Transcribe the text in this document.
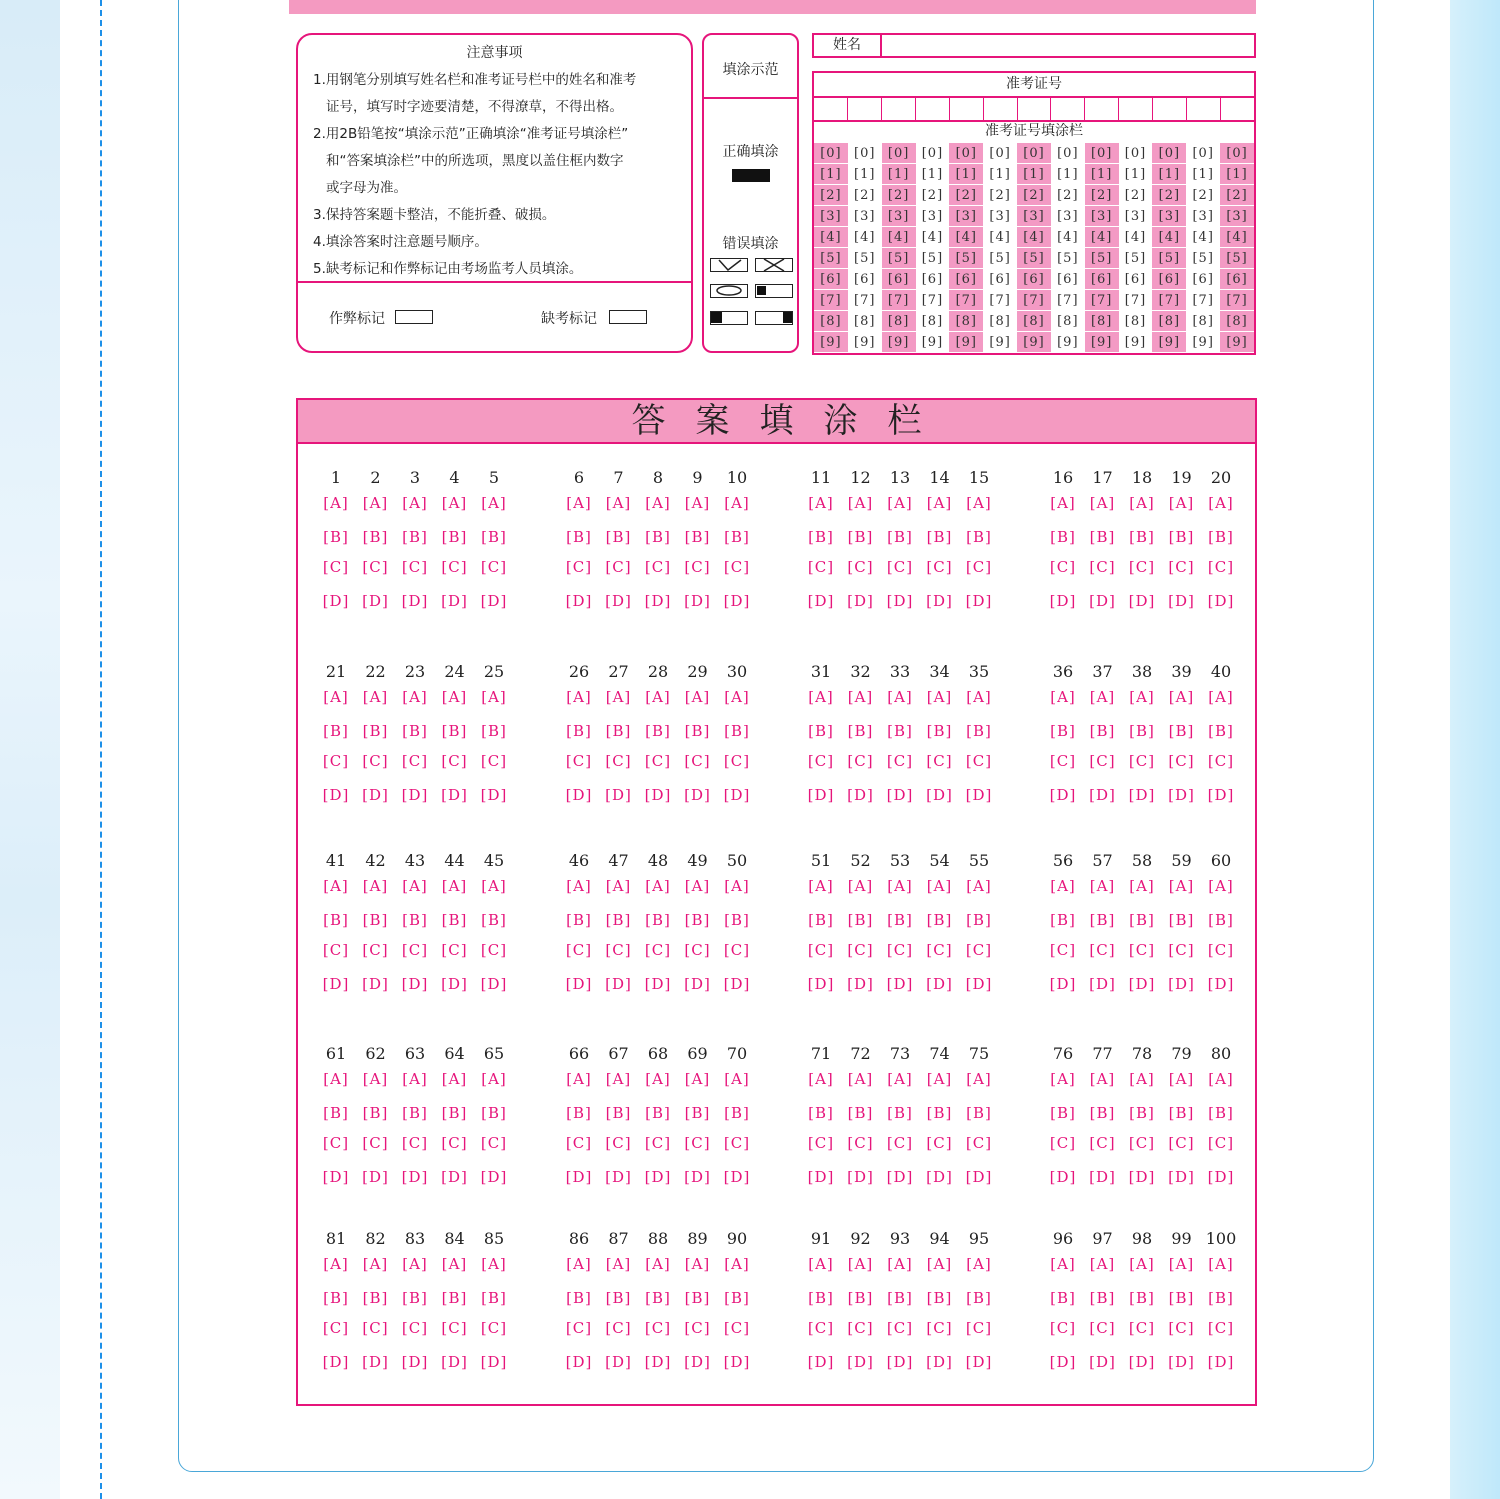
注意事项
1.用钢笔分别填写姓名栏和准考证号栏中的姓名和准考
证号，填写时字迹要清楚，不得潦草，不得出格。
2.用2B铅笔按“填涂示范”正确填涂“准考证号填涂栏”
和“答案填涂栏”中的所选项，黑度以盖住框内数字
或字母为准。
3.保持答案题卡整洁，不能折叠、破损。
4.填涂答案时注意题号顺序。
5.缺考标记和作弊标记由考场监考人员填涂。
作弊标记	缺考标记
填涂示范
正确填涂
错误填涂
姓名
准考证号
准考证号填涂栏
[0] [0] [0] [0] [0] [0] [0] [0] [0] [0] [0] [0] [0]
[1] [1] [1] [1] [1] [1] [1] [1] [1] [1] [1] [1] [1]
[2] [2] [2] [2] [2] [2] [2] [2] [2] [2] [2] [2] [2]
[3] [3] [3] [3] [3] [3] [3] [3] [3] [3] [3] [3] [3]
[4] [4] [4] [4] [4] [4] [4] [4] [4] [4] [4] [4] [4]
[5] [5] [5] [5] [5] [5] [5] [5] [5] [5] [5] [5] [5]
[6] [6] [6] [6] [6] [6] [6] [6] [6] [6] [6] [6] [6]
[7] [7] [7] [7] [7] [7] [7] [7] [7] [7] [7] [7] [7]
[8] [8] [8] [8] [8] [8] [8] [8] [8] [8] [8] [8] [8]
[9] [9] [9] [9] [9] [9] [9] [9] [9] [9] [9] [9] [9]
答案填涂栏
1
[A]
[B]
[C]
[D]
2
[A]
[B]
[C]
[D]
3
[A]
[B]
[C]
[D]
4
[A]
[B]
[C]
[D]
5
[A]
[B]
[C]
[D]
6
[A]
[B]
[C]
[D]
7
[A]
[B]
[C]
[D]
8
[A]
[B]
[C]
[D]
9
[A]
[B]
[C]
[D]
10
[A]
[B]
[C]
[D]
11
[A]
[B]
[C]
[D]
12
[A]
[B]
[C]
[D]
13
[A]
[B]
[C]
[D]
14
[A]
[B]
[C]
[D]
15
[A]
[B]
[C]
[D]
16
[A]
[B]
[C]
[D]
17
[A]
[B]
[C]
[D]
18
[A]
[B]
[C]
[D]
19
[A]
[B]
[C]
[D]
20
[A]
[B]
[C]
[D]
21
[A]
[B]
[C]
[D]
22
[A]
[B]
[C]
[D]
23
[A]
[B]
[C]
[D]
24
[A]
[B]
[C]
[D]
25
[A]
[B]
[C]
[D]
26
[A]
[B]
[C]
[D]
27
[A]
[B]
[C]
[D]
28
[A]
[B]
[C]
[D]
29
[A]
[B]
[C]
[D]
30
[A]
[B]
[C]
[D]
31
[A]
[B]
[C]
[D]
32
[A]
[B]
[C]
[D]
33
[A]
[B]
[C]
[D]
34
[A]
[B]
[C]
[D]
35
[A]
[B]
[C]
[D]
36
[A]
[B]
[C]
[D]
37
[A]
[B]
[C]
[D]
38
[A]
[B]
[C]
[D]
39
[A]
[B]
[C]
[D]
40
[A]
[B]
[C]
[D]
41
[A]
[B]
[C]
[D]
42
[A]
[B]
[C]
[D]
43
[A]
[B]
[C]
[D]
44
[A]
[B]
[C]
[D]
45
[A]
[B]
[C]
[D]
46
[A]
[B]
[C]
[D]
47
[A]
[B]
[C]
[D]
48
[A]
[B]
[C]
[D]
49
[A]
[B]
[C]
[D]
50
[A]
[B]
[C]
[D]
51
[A]
[B]
[C]
[D]
52
[A]
[B]
[C]
[D]
53
[A]
[B]
[C]
[D]
54
[A]
[B]
[C]
[D]
55
[A]
[B]
[C]
[D]
56
[A]
[B]
[C]
[D]
57
[A]
[B]
[C]
[D]
58
[A]
[B]
[C]
[D]
59
[A]
[B]
[C]
[D]
60
[A]
[B]
[C]
[D]
61
[A]
[B]
[C]
[D]
62
[A]
[B]
[C]
[D]
63
[A]
[B]
[C]
[D]
64
[A]
[B]
[C]
[D]
65
[A]
[B]
[C]
[D]
66
[A]
[B]
[C]
[D]
67
[A]
[B]
[C]
[D]
68
[A]
[B]
[C]
[D]
69
[A]
[B]
[C]
[D]
70
[A]
[B]
[C]
[D]
71
[A]
[B]
[C]
[D]
72
[A]
[B]
[C]
[D]
73
[A]
[B]
[C]
[D]
74
[A]
[B]
[C]
[D]
75
[A]
[B]
[C]
[D]
76
[A]
[B]
[C]
[D]
77
[A]
[B]
[C]
[D]
78
[A]
[B]
[C]
[D]
79
[A]
[B]
[C]
[D]
80
[A]
[B]
[C]
[D]
81
[A]
[B]
[C]
[D]
82
[A]
[B]
[C]
[D]
83
[A]
[B]
[C]
[D]
84
[A]
[B]
[C]
[D]
85
[A]
[B]
[C]
[D]
86
[A]
[B]
[C]
[D]
87
[A]
[B]
[C]
[D]
88
[A]
[B]
[C]
[D]
89
[A]
[B]
[C]
[D]
90
[A]
[B]
[C]
[D]
91
[A]
[B]
[C]
[D]
92
[A]
[B]
[C]
[D]
93
[A]
[B]
[C]
[D]
94
[A]
[B]
[C]
[D]
95
[A]
[B]
[C]
[D]
96
[A]
[B]
[C]
[D]
97
[A]
[B]
[C]
[D]
98
[A]
[B]
[C]
[D]
99
[A]
[B]
[C]
[D]
100
[A]
[B]
[C]
[D]
